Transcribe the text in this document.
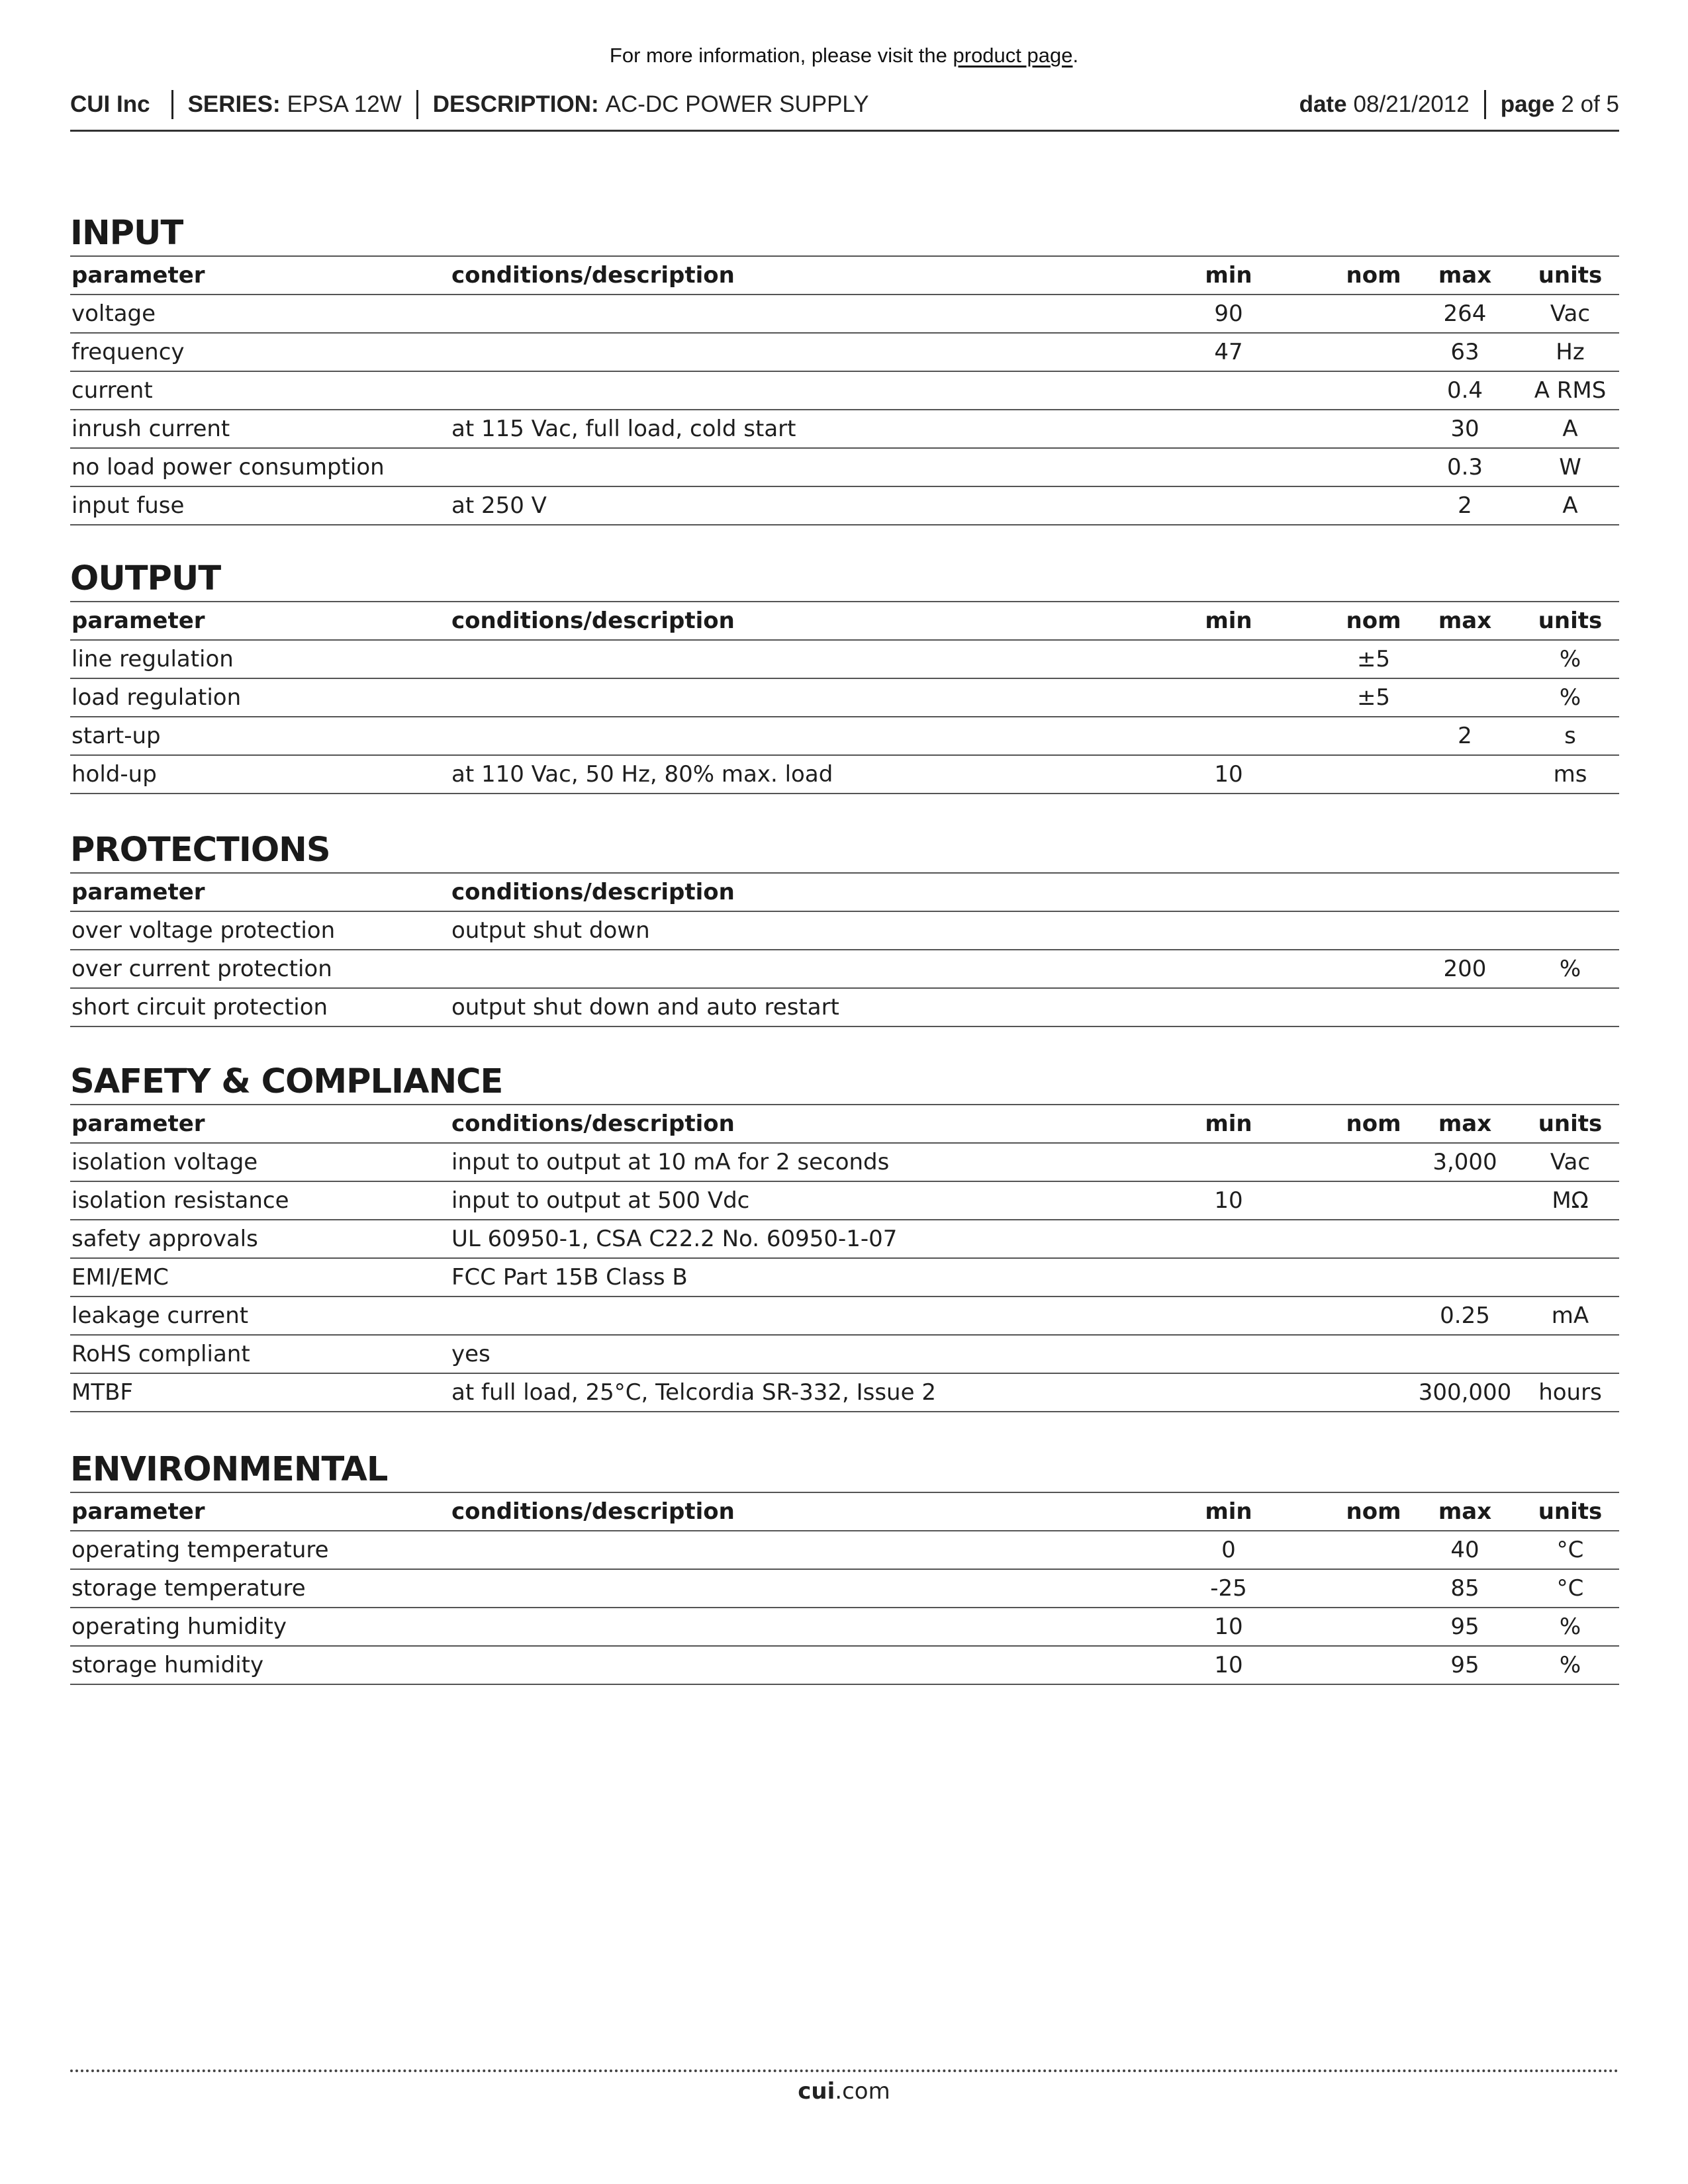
For more information, please visit the product page.
CUI Inc SERIES: EPSA 12W DESCRIPTION: AC-DC POWER SUPPLY	date 08/21/2012 page 2 of 5
INPUT
parameter	conditions/description	min	nom	max	units
voltage		90		264	Vac
frequency		47		63	Hz
current				0.4	A RMS
inrush current	at 115 Vac, full load, cold start			30	A
no load power consumption				0.3	W
input fuse	at 250 V			2	A
OUTPUT
parameter	conditions/description	min	nom	max	units
line regulation			±5		%
load regulation			±5		%
start-up				2	s
hold-up	at 110 Vac, 50 Hz, 80% max. load	10			ms
PROTECTIONS
parameter	conditions/description				
over voltage protection	output shut down				
over current protection				200	%
short circuit protection	output shut down and auto restart				
SAFETY & COMPLIANCE
parameter	conditions/description	min	nom	max	units
isolation voltage	input to output at 10 mA for 2 seconds			3,000	Vac
isolation resistance	input to output at 500 Vdc	10			MΩ
safety approvals	UL 60950-1, CSA C22.2 No. 60950-1-07				
EMI/EMC	FCC Part 15B Class B				
leakage current				0.25	mA
RoHS compliant	yes				
MTBF	at full load, 25°C, Telcordia SR-332, Issue 2			300,000	hours
ENVIRONMENTAL
parameter	conditions/description	min	nom	max	units
operating temperature		0		40	°C
storage temperature		-25		85	°C
operating humidity		10		95	%
storage humidity		10		95	%
cui.com
